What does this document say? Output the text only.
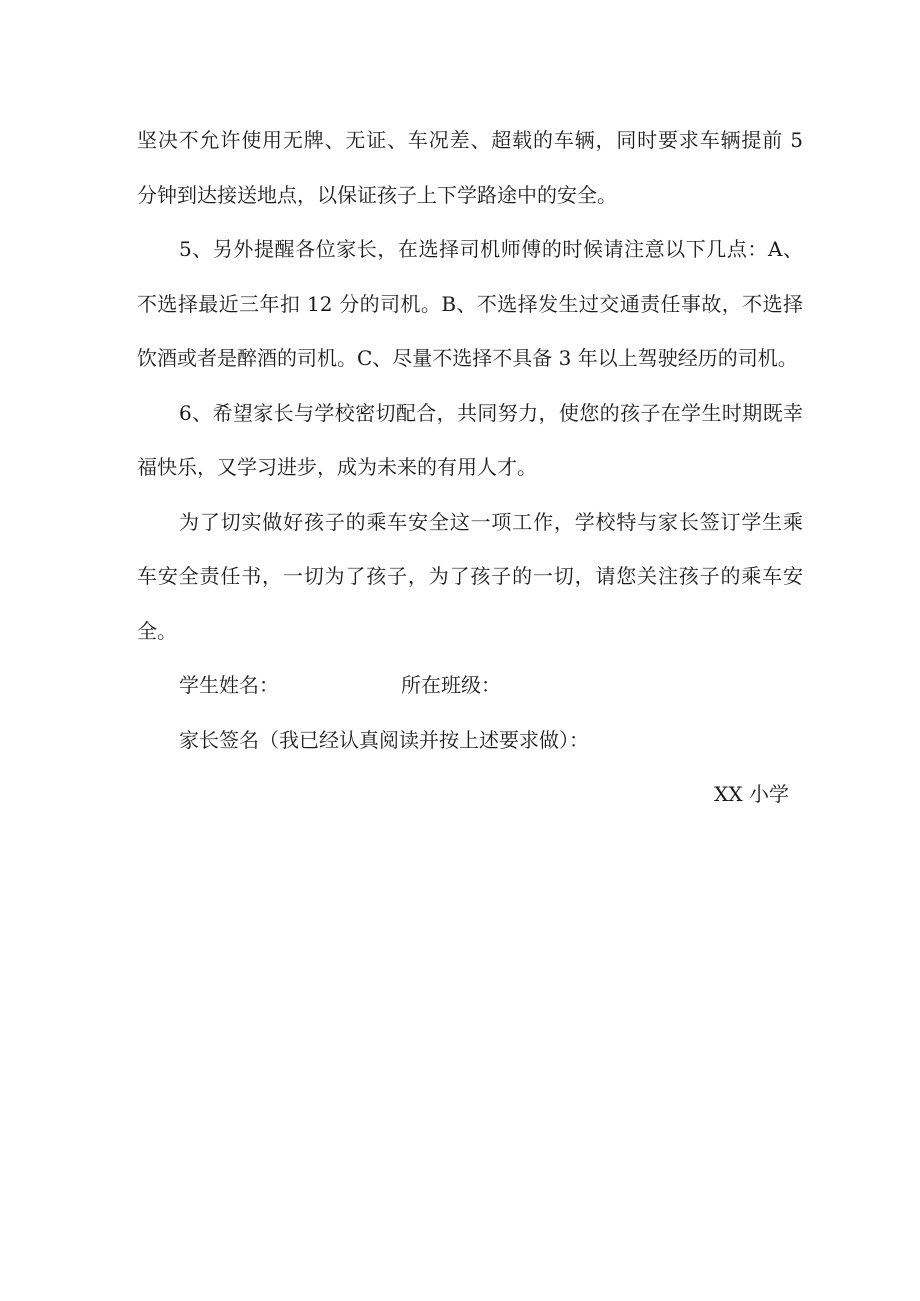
坚决不允许使用无牌、无证、车况差、超载的车辆，同时要求车辆提前 5
分钟到达接送地点，以保证孩子上下学路途中的安全。
5、另外提醒各位家长，在选择司机师傅的时候请注意以下几点：A、
不选择最近三年扣 12 分的司机。B、不选择发生过交通责任事故，不选择
饮酒或者是醉酒的司机。C、尽量不选择不具备 3 年以上驾驶经历的司机。
6、希望家长与学校密切配合，共同努力，使您的孩子在学生时期既幸
福快乐，又学习进步，成为未来的有用人才。
为了切实做好孩子的乘车安全这一项工作，学校特与家长签订学生乘
车安全责任书，一切为了孩子，为了孩子的一切，请您关注孩子的乘车安
全。
学生姓名：	所在班级：
家长签名（我已经认真阅读并按上述要求做）：
XX 小学
